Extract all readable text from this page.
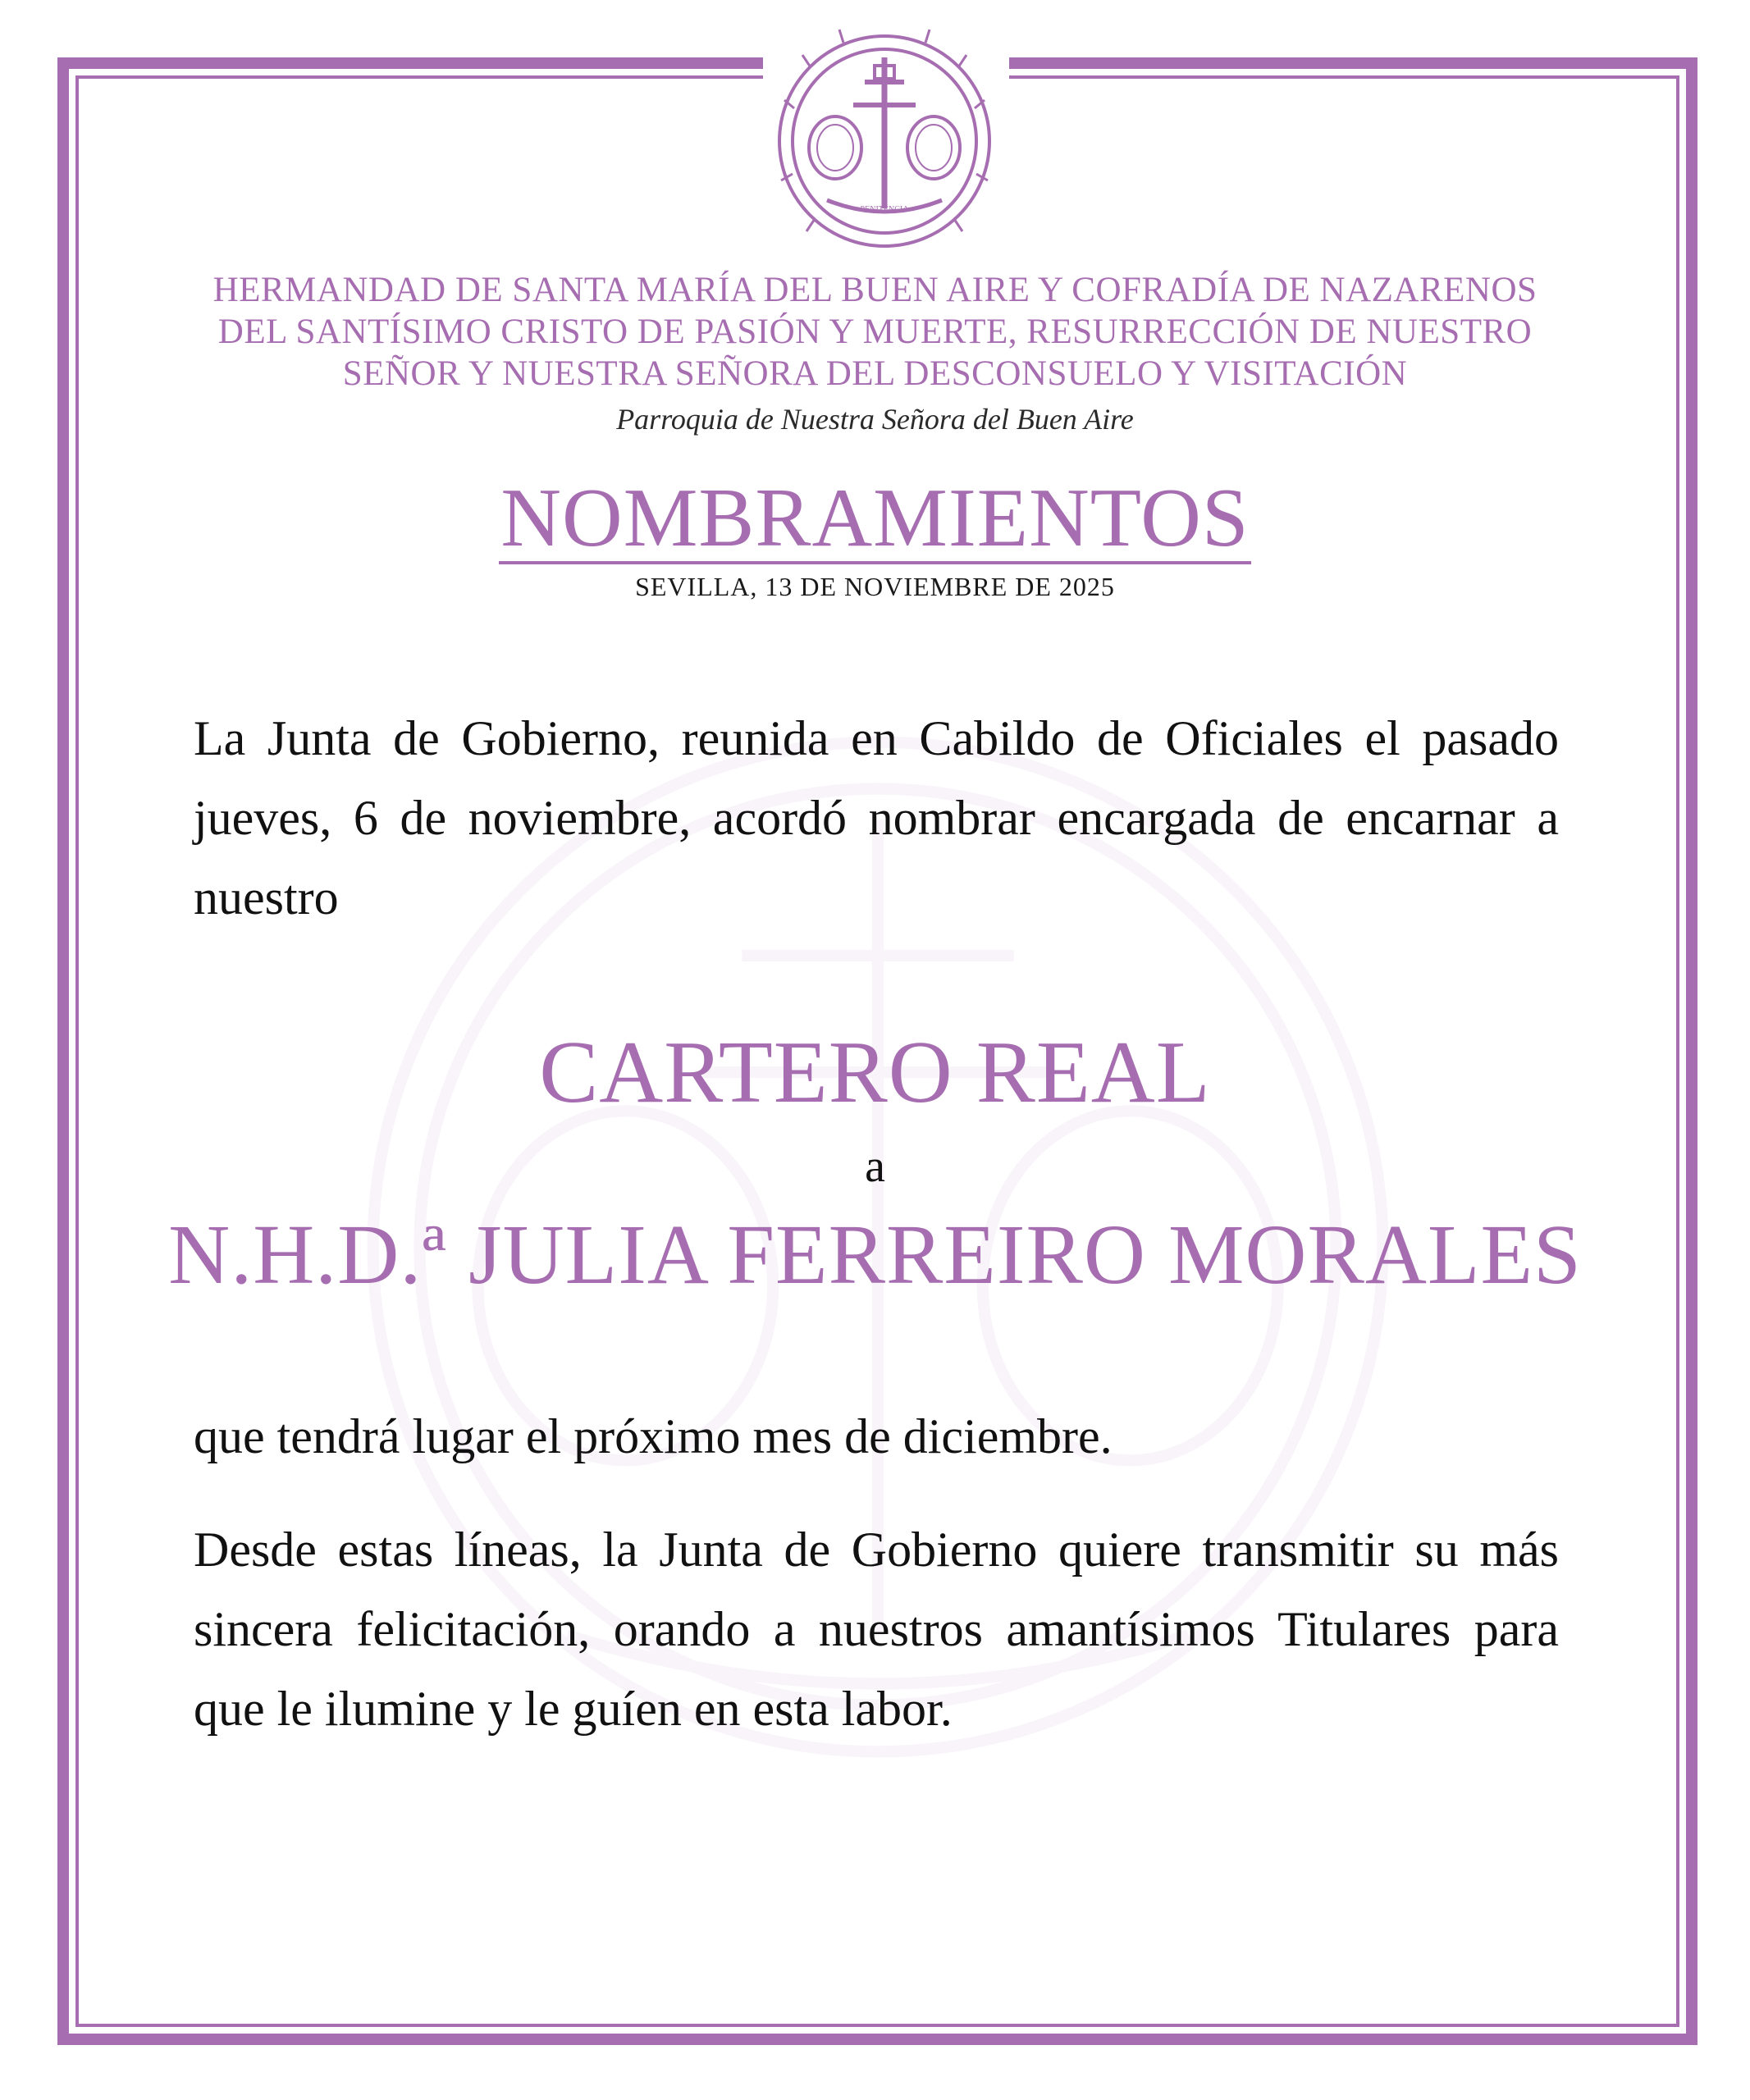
PENITENCIA
HERMANDAD DE SANTA MARÍA DEL BUEN AIRE Y COFRADÍA DE NAZARENOS
DEL SANTÍSIMO CRISTO DE PASIÓN Y MUERTE, RESURRECCIÓN DE NUESTRO
SEÑOR Y NUESTRA SEÑORA DEL DESCONSUELO Y VISITACIÓN
Parroquia de Nuestra Señora del Buen Aire
NOMBRAMIENTOS
SEVILLA, 13 DE NOVIEMBRE DE 2025

La Junta de Gobierno, reunida en Cabildo de Oficiales el pasado jueves, 6 de noviembre, acordó nombrar encargada de encarnar a nuestro

CARTERO REAL
a
N.H.D.ª JULIA FERREIRO MORALES

que tendrá lugar el próximo mes de diciembre.

Desde estas líneas, la Junta de Gobierno quiere transmitir su más sincera felicitación, orando a nuestros amantísimos Titulares para que le ilumine y le guíen en esta labor.
